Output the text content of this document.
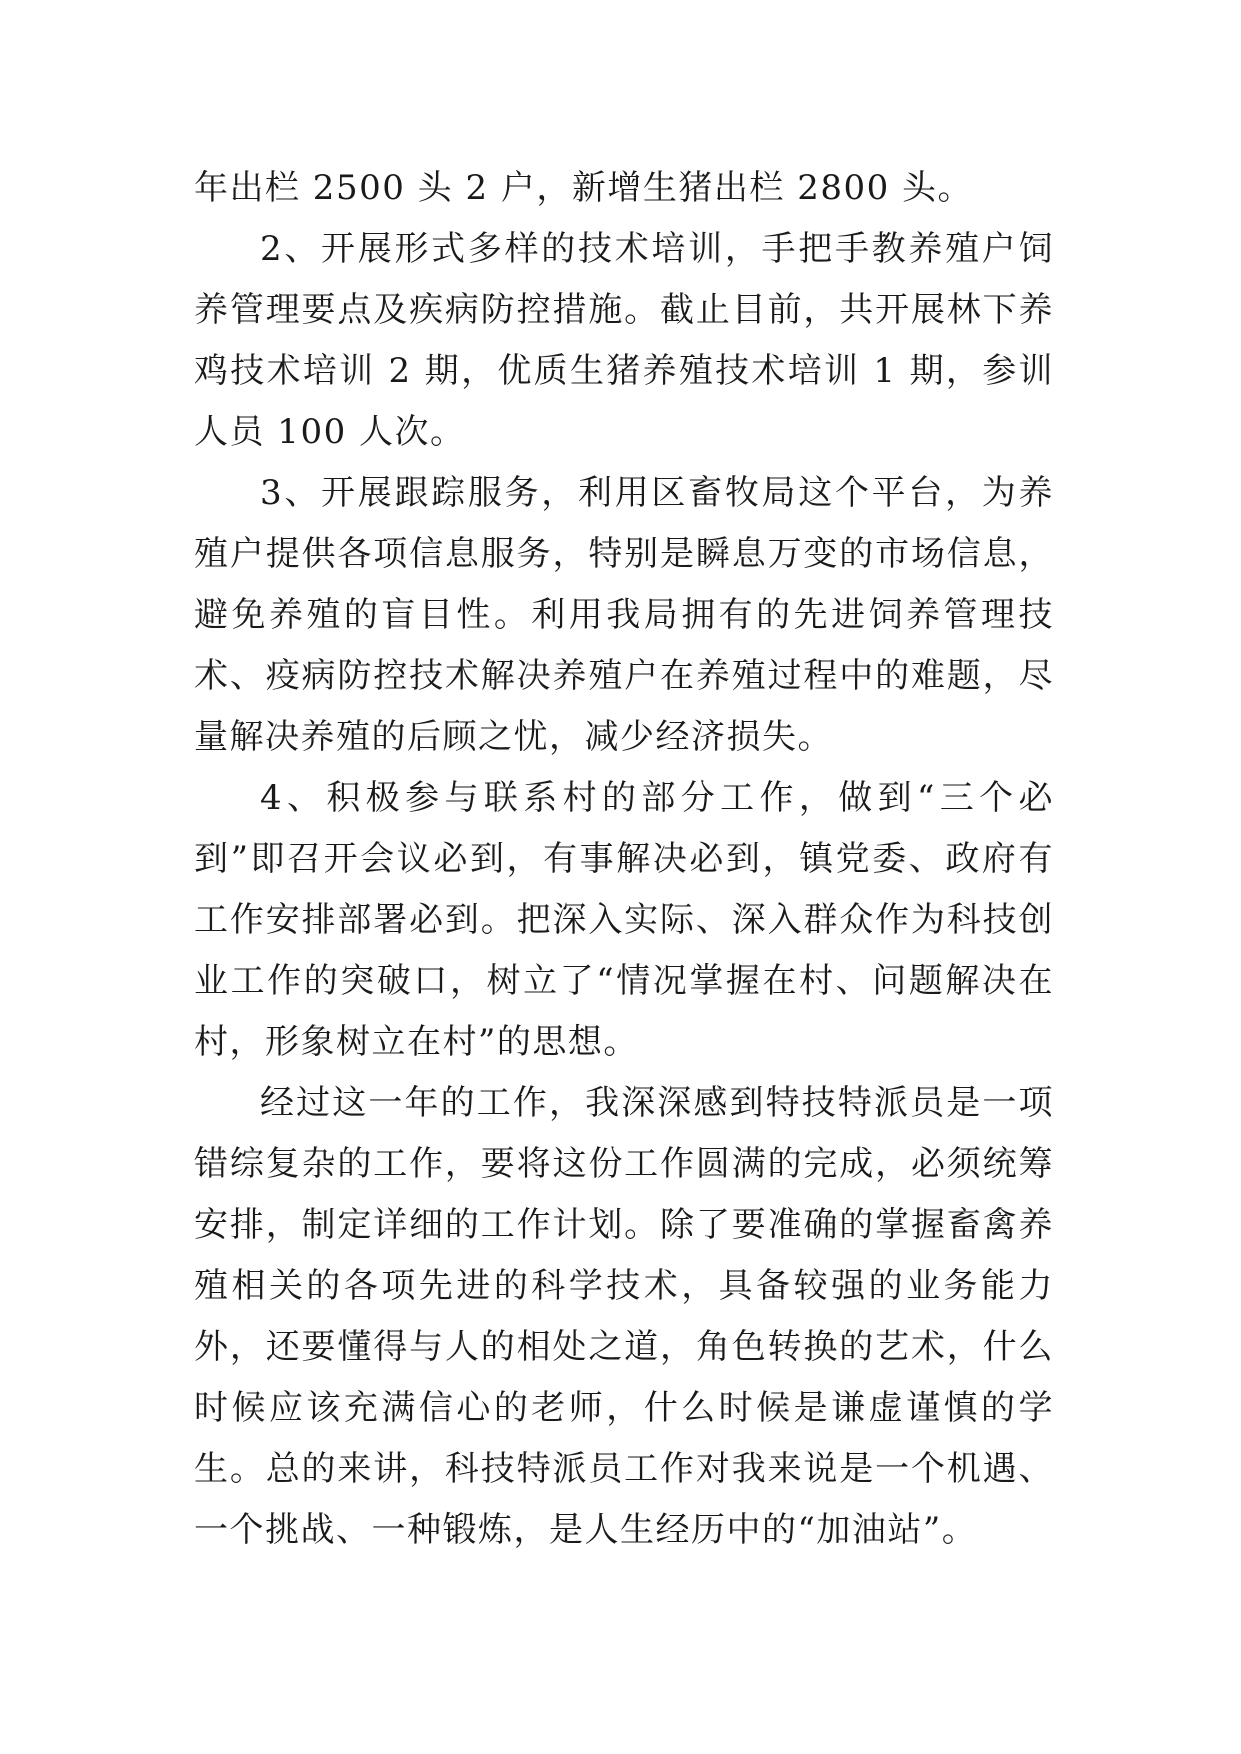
年出栏 2500 头 2 户，新增生猪出栏 2800 头。

2、开展形式多样的技术培训，手把手教养殖户饲养管理要点及疾病防控措施。截止目前，共开展林下养鸡技术培训 2 期，优质生猪养殖技术培训 1 期，参训人员 100 人次。

3、开展跟踪服务，利用区畜牧局这个平台，为养殖户提供各项信息服务，特别是瞬息万变的市场信息，避免养殖的盲目性。利用我局拥有的先进饲养管理技术、疫病防控技术解决养殖户在养殖过程中的难题，尽量解决养殖的后顾之忧，减少经济损失。

4、积极参与联系村的部分工作，做到“三个必到”即召开会议必到，有事解决必到，镇党委、政府有工作安排部署必到。把深入实际、深入群众作为科技创业工作的突破口，树立了“情况掌握在村、问题解决在村，形象树立在村”的思想。

经过这一年的工作，我深深感到特技特派员是一项错综复杂的工作，要将这份工作圆满的完成，必须统筹安排，制定详细的工作计划。除了要准确的掌握畜禽养殖相关的各项先进的科学技术，具备较强的业务能力外，还要懂得与人的相处之道，角色转换的艺术，什么时候应该充满信心的老师，什么时候是谦虚谨慎的学生。总的来讲，科技特派员工作对我来说是一个机遇、一个挑战、一种锻炼，是人生经历中的“加油站”。
